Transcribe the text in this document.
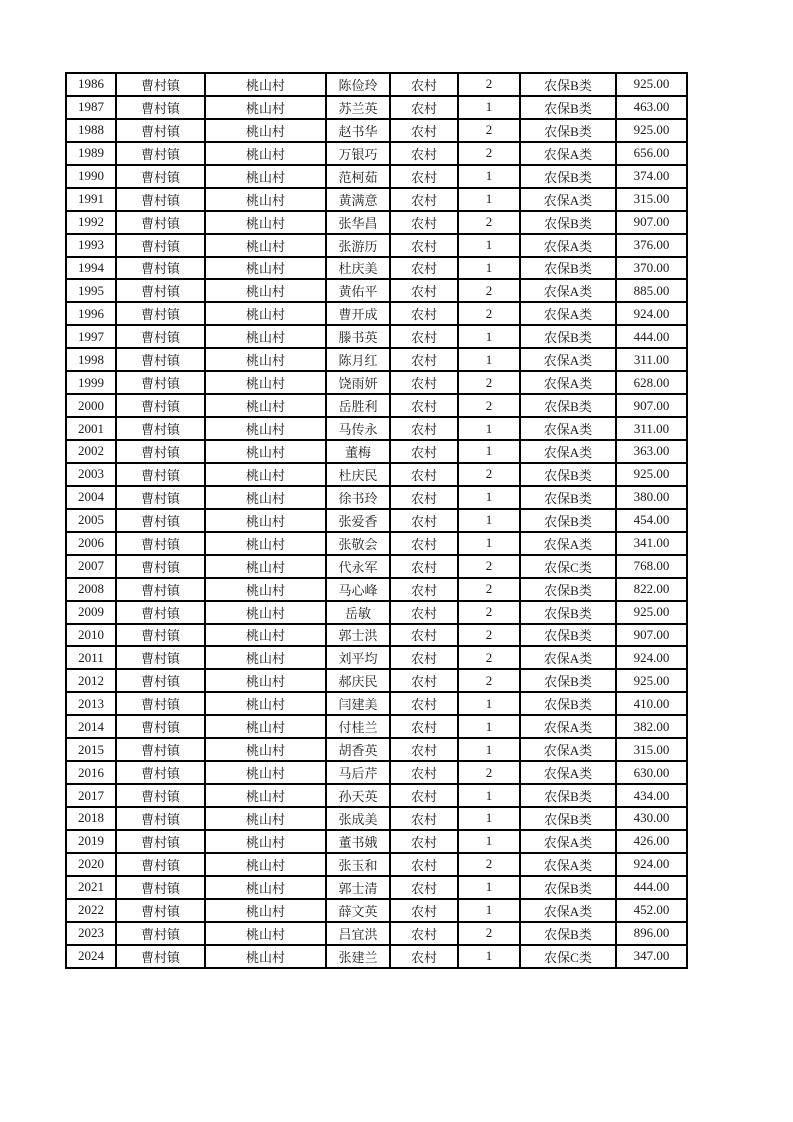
1986	曹村镇	桃山村	陈俭玲	农村	2	农保B类	925.00
1987	曹村镇	桃山村	苏兰英	农村	1	农保B类	463.00
1988	曹村镇	桃山村	赵书华	农村	2	农保B类	925.00
1989	曹村镇	桃山村	万银巧	农村	2	农保A类	656.00
1990	曹村镇	桃山村	范柯茹	农村	1	农保B类	374.00
1991	曹村镇	桃山村	黄满意	农村	1	农保A类	315.00
1992	曹村镇	桃山村	张华昌	农村	2	农保B类	907.00
1993	曹村镇	桃山村	张游历	农村	1	农保A类	376.00
1994	曹村镇	桃山村	杜庆美	农村	1	农保B类	370.00
1995	曹村镇	桃山村	黄佑平	农村	2	农保A类	885.00
1996	曹村镇	桃山村	曹开成	农村	2	农保A类	924.00
1997	曹村镇	桃山村	滕书英	农村	1	农保B类	444.00
1998	曹村镇	桃山村	陈月红	农村	1	农保A类	311.00
1999	曹村镇	桃山村	饶雨妍	农村	2	农保A类	628.00
2000	曹村镇	桃山村	岳胜利	农村	2	农保B类	907.00
2001	曹村镇	桃山村	马传永	农村	1	农保A类	311.00
2002	曹村镇	桃山村	董梅	农村	1	农保A类	363.00
2003	曹村镇	桃山村	杜庆民	农村	2	农保B类	925.00
2004	曹村镇	桃山村	徐书玲	农村	1	农保B类	380.00
2005	曹村镇	桃山村	张爱香	农村	1	农保B类	454.00
2006	曹村镇	桃山村	张敬会	农村	1	农保A类	341.00
2007	曹村镇	桃山村	代永军	农村	2	农保C类	768.00
2008	曹村镇	桃山村	马心峰	农村	2	农保B类	822.00
2009	曹村镇	桃山村	岳敏	农村	2	农保B类	925.00
2010	曹村镇	桃山村	郭士洪	农村	2	农保B类	907.00
2011	曹村镇	桃山村	刘平均	农村	2	农保A类	924.00
2012	曹村镇	桃山村	郝庆民	农村	2	农保B类	925.00
2013	曹村镇	桃山村	闫建美	农村	1	农保B类	410.00
2014	曹村镇	桃山村	付桂兰	农村	1	农保A类	382.00
2015	曹村镇	桃山村	胡香英	农村	1	农保A类	315.00
2016	曹村镇	桃山村	马后芹	农村	2	农保A类	630.00
2017	曹村镇	桃山村	孙天英	农村	1	农保B类	434.00
2018	曹村镇	桃山村	张成美	农村	1	农保B类	430.00
2019	曹村镇	桃山村	董书娥	农村	1	农保A类	426.00
2020	曹村镇	桃山村	张玉和	农村	2	农保A类	924.00
2021	曹村镇	桃山村	郭士清	农村	1	农保B类	444.00
2022	曹村镇	桃山村	薛文英	农村	1	农保A类	452.00
2023	曹村镇	桃山村	吕宜洪	农村	2	农保B类	896.00
2024	曹村镇	桃山村	张建兰	农村	1	农保C类	347.00
